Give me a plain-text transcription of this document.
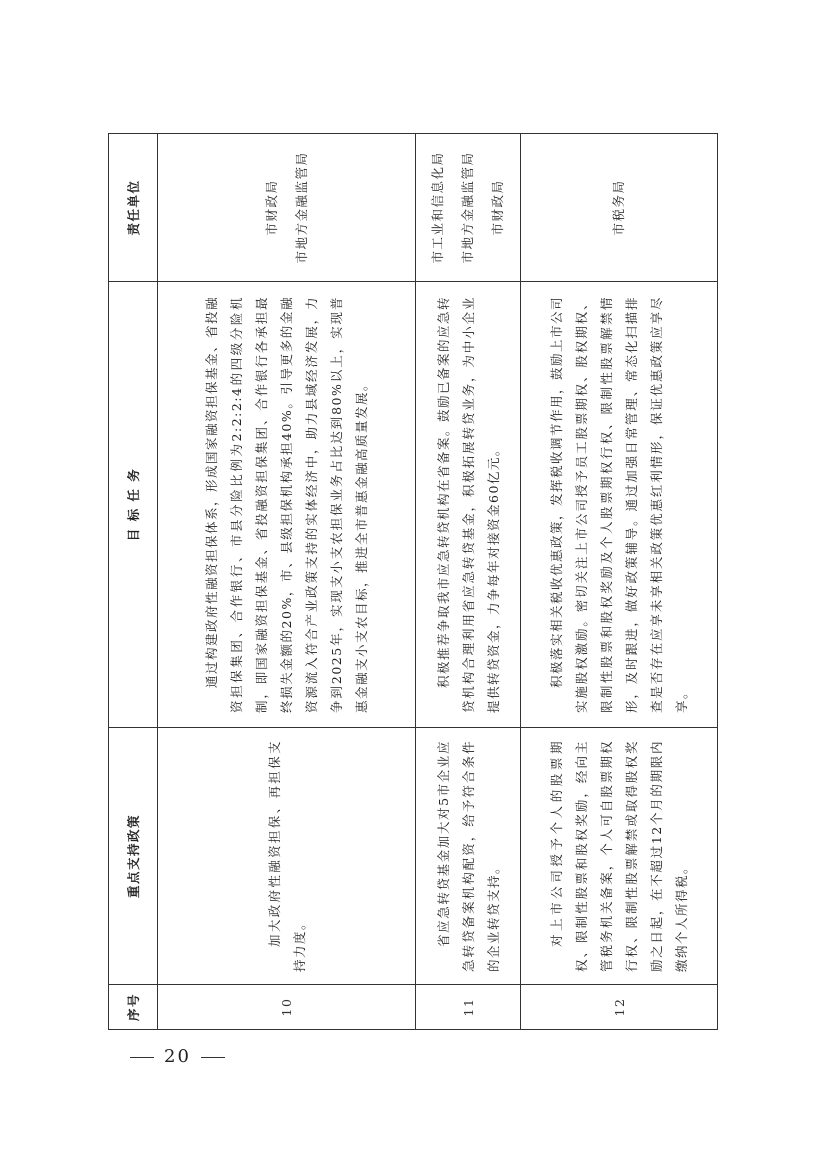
序号	重点支持政策	目 标 任 务	责任单位
10	加大政府性融资担保、再担保支持力度。	通过构建政府性融资担保体系，形成国家融资担保基金、省投融资担保集团、合作银行、市县分险比例为2:2:2:4的四级分险机制，即国家融资担保基金、省投融资担保集团、合作银行各承担最终损失金额的20%，市、县级担保机构承担40%。引导更多的金融资源流入符合产业政策支持的实体经济中，助力县域经济发展，力争到2025年，实现支小支农担保业务占比达到80%以上，实现普惠金融支小支农目标，推进全市普惠金融高质量发展。	市财政局 市地方金融监管局

11	省应急转贷基金加大对5市企业应急转贷备案机构配资，给予符合条件的企业转贷支持。	积极推荐争取我市应急转贷机构在省备案。鼓励已备案的应急转贷机构合理利用省应急转贷基金，积极拓展转贷业务，为中小企业提供转贷资金，力争每年对接资金60亿元。	市工业和信息化局 市地方金融监管局 市财政局

12	对上市公司授予个人的股票期权、限制性股票和股权奖励，经向主管税务机关备案，个人可自股票期权行权、限制性股票解禁或取得股权奖励之日起，在不超过12个月的期限内缴纳个人所得税。	积极落实相关税收优惠政策，发挥税收调节作用，鼓励上市公司实施股权激励。密切关注上市公司授予员工股票期权、股权期权、限制性股票和股权奖励及个人股票期权行权、限制性股票解禁情形，及时跟进，做好政策辅导。通过加强日常管理、常态化扫描排查是否存在应享未享相关政策优惠红利情形，保证优惠政策应享尽享。	市税务局
20
